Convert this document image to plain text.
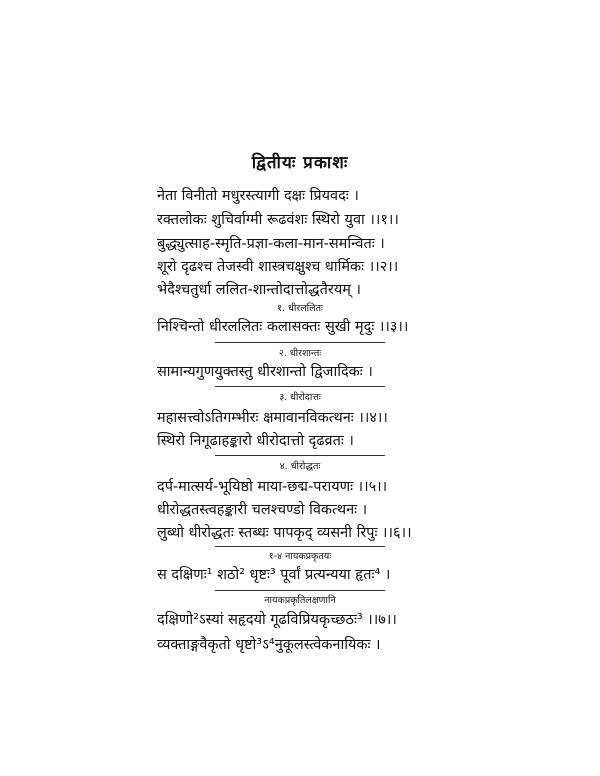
द्वितीयः प्रकाशः
नेता विनीतो मधुरस्त्यागी दक्षः प्रियवदः ।
रक्तलोकः शुचिर्वाग्मी रूढवंशः स्थिरो युवा ।।१।।
बुद्ध्युत्साह-स्मृति-प्रज्ञा-कला-मान-समन्वितः ।
शूरो दृढश्च तेजस्वी शास्त्रचक्षुश्च धार्मिकः ।।२।।
भेदैश्चतुर्धा ललित-शान्तोदात्तोद्धतैरयम् ।
१. धीरललितः
निश्चिन्तो धीरललितः कलासक्तः सुखी मृदुः ।।३।।
२. धीरशान्तः
सामान्यगुणयुक्तस्तु धीरशान्तो द्विजादिकः ।
३. धीरोदात्तः
महासत्त्वोऽतिगम्भीरः क्षमावानविकत्थनः ।।४।।
स्थिरो निगूढाहङ्कारो धीरोदात्तो दृढव्रतः ।
४. धीरोद्धतः
दर्प-मात्सर्य-भूयिष्ठो माया-छद्म-परायणः ।।५।।
धीरोद्धतस्त्वहङ्कारी चलश्चण्डो विकत्थनः ।
लुब्धो धीरोद्धतः स्तब्धः पापकृद् व्यसनी रिपुः ।।६।।
१-४ नायकप्रकृतयः
स दक्षिणः¹ शठो² धृष्टः³ पूर्वां प्रत्यन्यया हृतः⁴ ।
नायकप्रकृतिलक्षणानि
दक्षिणो²ऽस्यां सहृदयो गूढविप्रियकृच्छठः³ ।।७।।
व्यक्ताङ्गवैकृतो धृष्टो³ऽ⁴नुकूलस्त्वेकनायिकः ।
